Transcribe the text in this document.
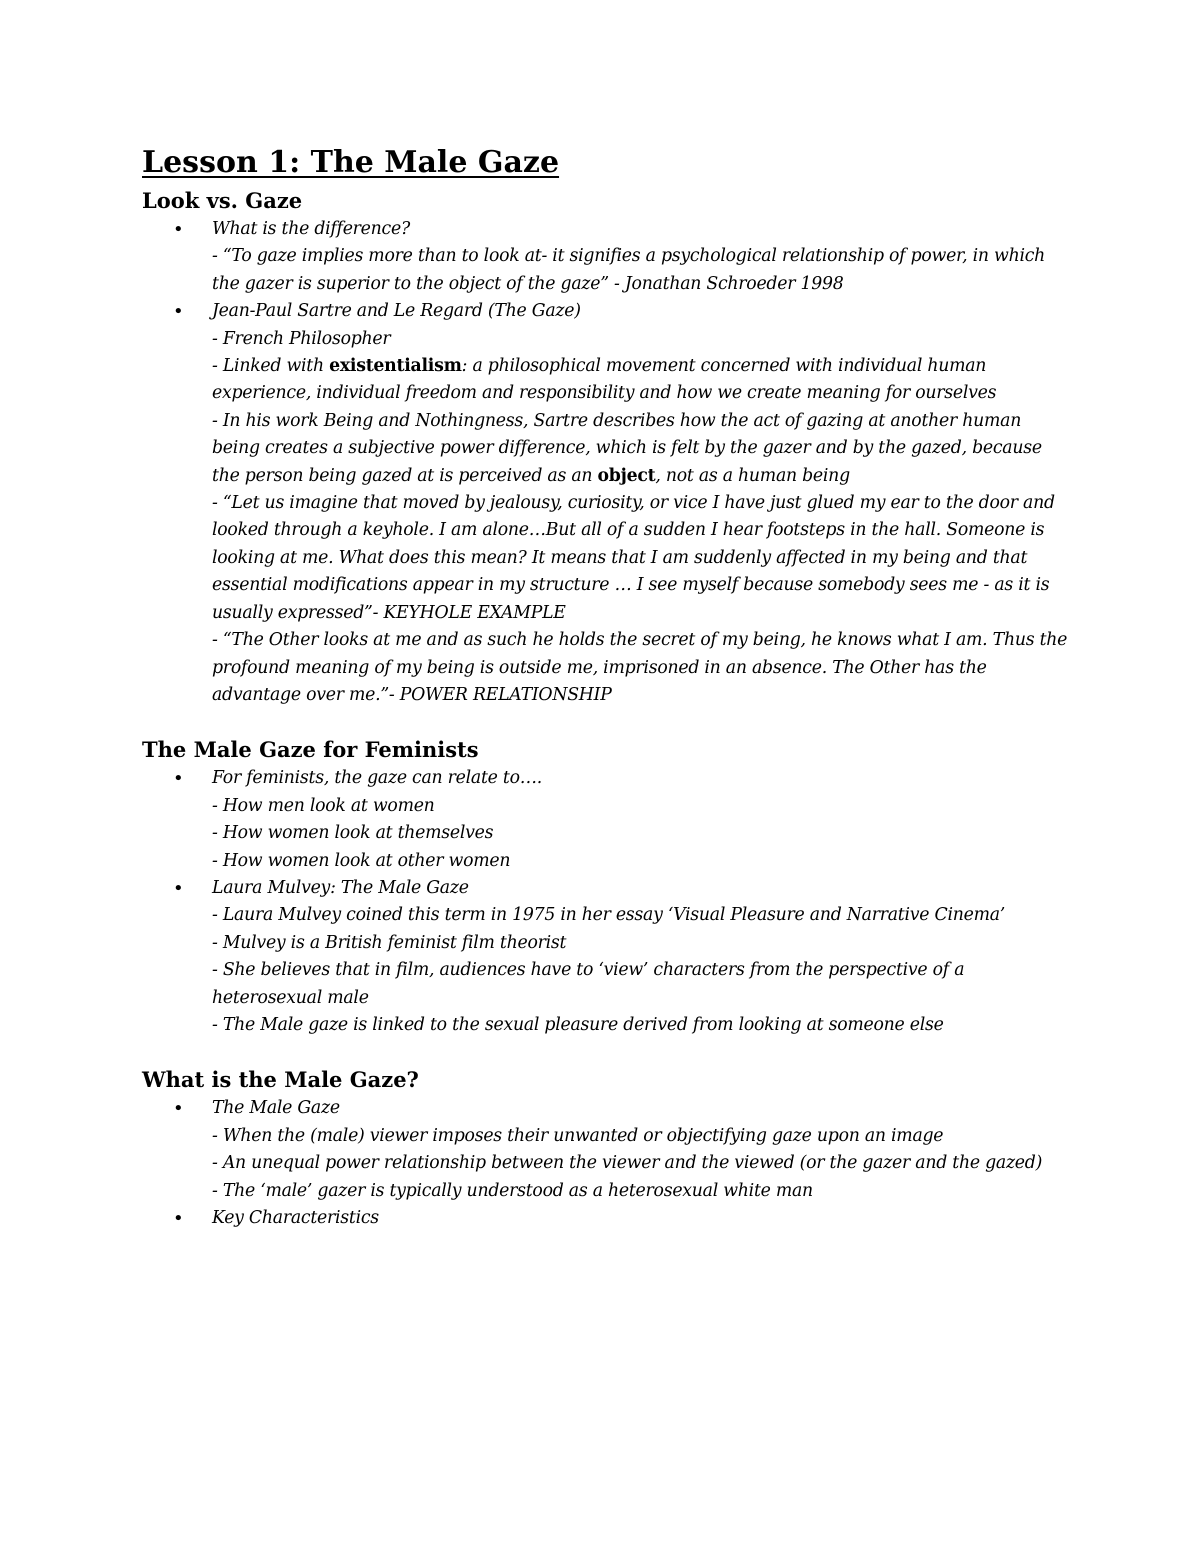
Lesson 1: The Male Gaze
Look vs. Gaze
• What is the difference?
- “To gaze implies more than to look at- it signifies a psychological relationship of power, in which the gazer is superior to the object of the gaze” - Jonathan Schroeder 1998
• Jean-Paul Sartre and Le Regard (The Gaze)
- French Philosopher
- Linked with existentialism: a philosophical movement concerned with individual human experience, individual freedom and responsibility and how we create meaning for ourselves
- In his work Being and Nothingness, Sartre describes how the act of gazing at another human being creates a subjective power difference, which is felt by the gazer and by the gazed, because the person being gazed at is perceived as an object, not as a human being
- “Let us imagine that moved by jealousy, curiosity, or vice I have just glued my ear to the door and looked through a keyhole. I am alone…But all of a sudden I hear footsteps in the hall. Someone is looking at me. What does this mean? It means that I am suddenly affected in my being and that essential modifications appear in my structure … I see myself because somebody sees me - as it is usually expressed”- KEYHOLE EXAMPLE
- “The Other looks at me and as such he holds the secret of my being, he knows what I am. Thus the profound meaning of my being is outside me, imprisoned in an absence. The Other has the advantage over me.”- POWER RELATIONSHIP
The Male Gaze for Feminists
• For feminists, the gaze can relate to….
- How men look at women
- How women look at themselves
- How women look at other women
• Laura Mulvey: The Male Gaze
- Laura Mulvey coined this term in 1975 in her essay ‘Visual Pleasure and Narrative Cinema’
- Mulvey is a British feminist film theorist
- She believes that in film, audiences have to ‘view’ characters from the perspective of a heterosexual male
- The Male gaze is linked to the sexual pleasure derived from looking at someone else
What is the Male Gaze?
• The Male Gaze
- When the (male) viewer imposes their unwanted or objectifying gaze upon an image
- An unequal power relationship between the viewer and the viewed (or the gazer and the gazed)
- The ‘male’ gazer is typically understood as a heterosexual white man
• Key Characteristics
